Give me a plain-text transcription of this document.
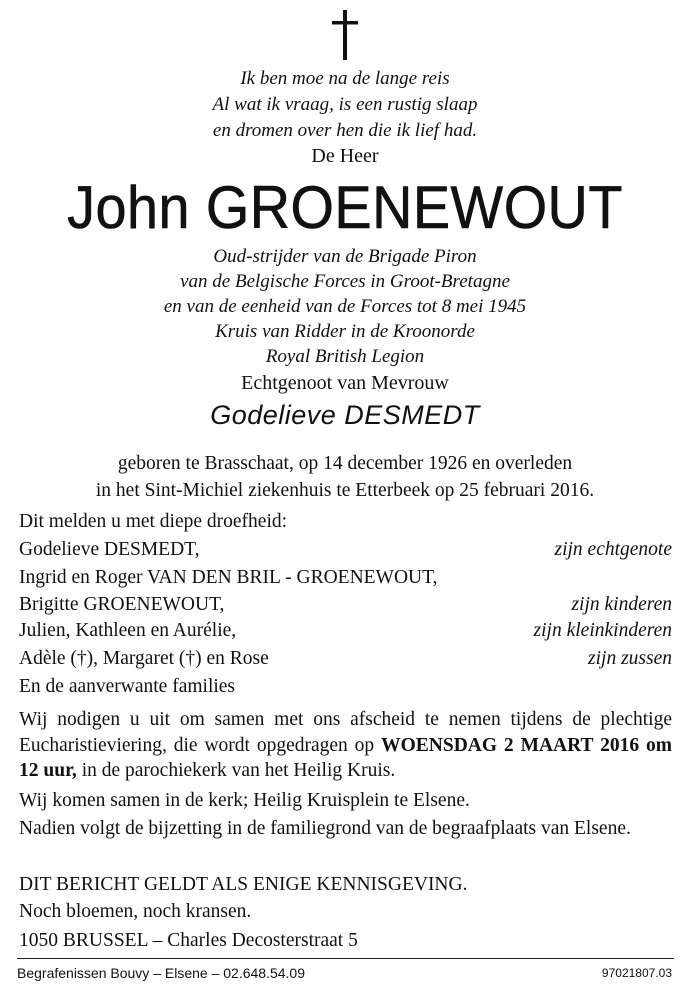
Ik ben moe na de lange reis
Al wat ik vraag, is een rustig slaap
en dromen over hen die ik lief had.
De Heer
John GROENEWOUT
Oud-strijder van de Brigade Piron
van de Belgische Forces in Groot-Bretagne
en van de eenheid van de Forces tot 8 mei 1945
Kruis van Ridder in de Kroonorde
Royal British Legion
Echtgenoot van Mevrouw
Godelieve DESMEDT
geboren te Brasschaat, op 14 december 1926 en overleden
in het Sint-Michiel ziekenhuis te Etterbeek op 25 februari 2016.
Dit melden u met diepe droefheid:
Godelieve DESMEDT,	zijn echtgenote
Ingrid en Roger VAN DEN BRIL - GROENEWOUT,
Brigitte GROENEWOUT,	zijn kinderen
Julien, Kathleen en Aurélie,	zijn kleinkinderen
Adèle (†), Margaret (†) en Rose	zijn zussen
En de aanverwante families
Wij nodigen u uit om samen met ons afscheid te nemen tijdens de plechtige Eucharistieviering, die wordt opgedragen op WOENSDAG 2 MAART 2016 om 12 uur, in de parochiekerk van het Heilig Kruis.
Wij komen samen in de kerk; Heilig Kruisplein te Elsene.
Nadien volgt de bijzetting in de familiegrond van de begraafplaats van Elsene.
DIT BERICHT GELDT ALS ENIGE KENNISGEVING.
Noch bloemen, noch kransen.
1050 BRUSSEL – Charles Decosterstraat 5
Begrafenissen Bouvy – Elsene – 02.648.54.09	97021807.03
